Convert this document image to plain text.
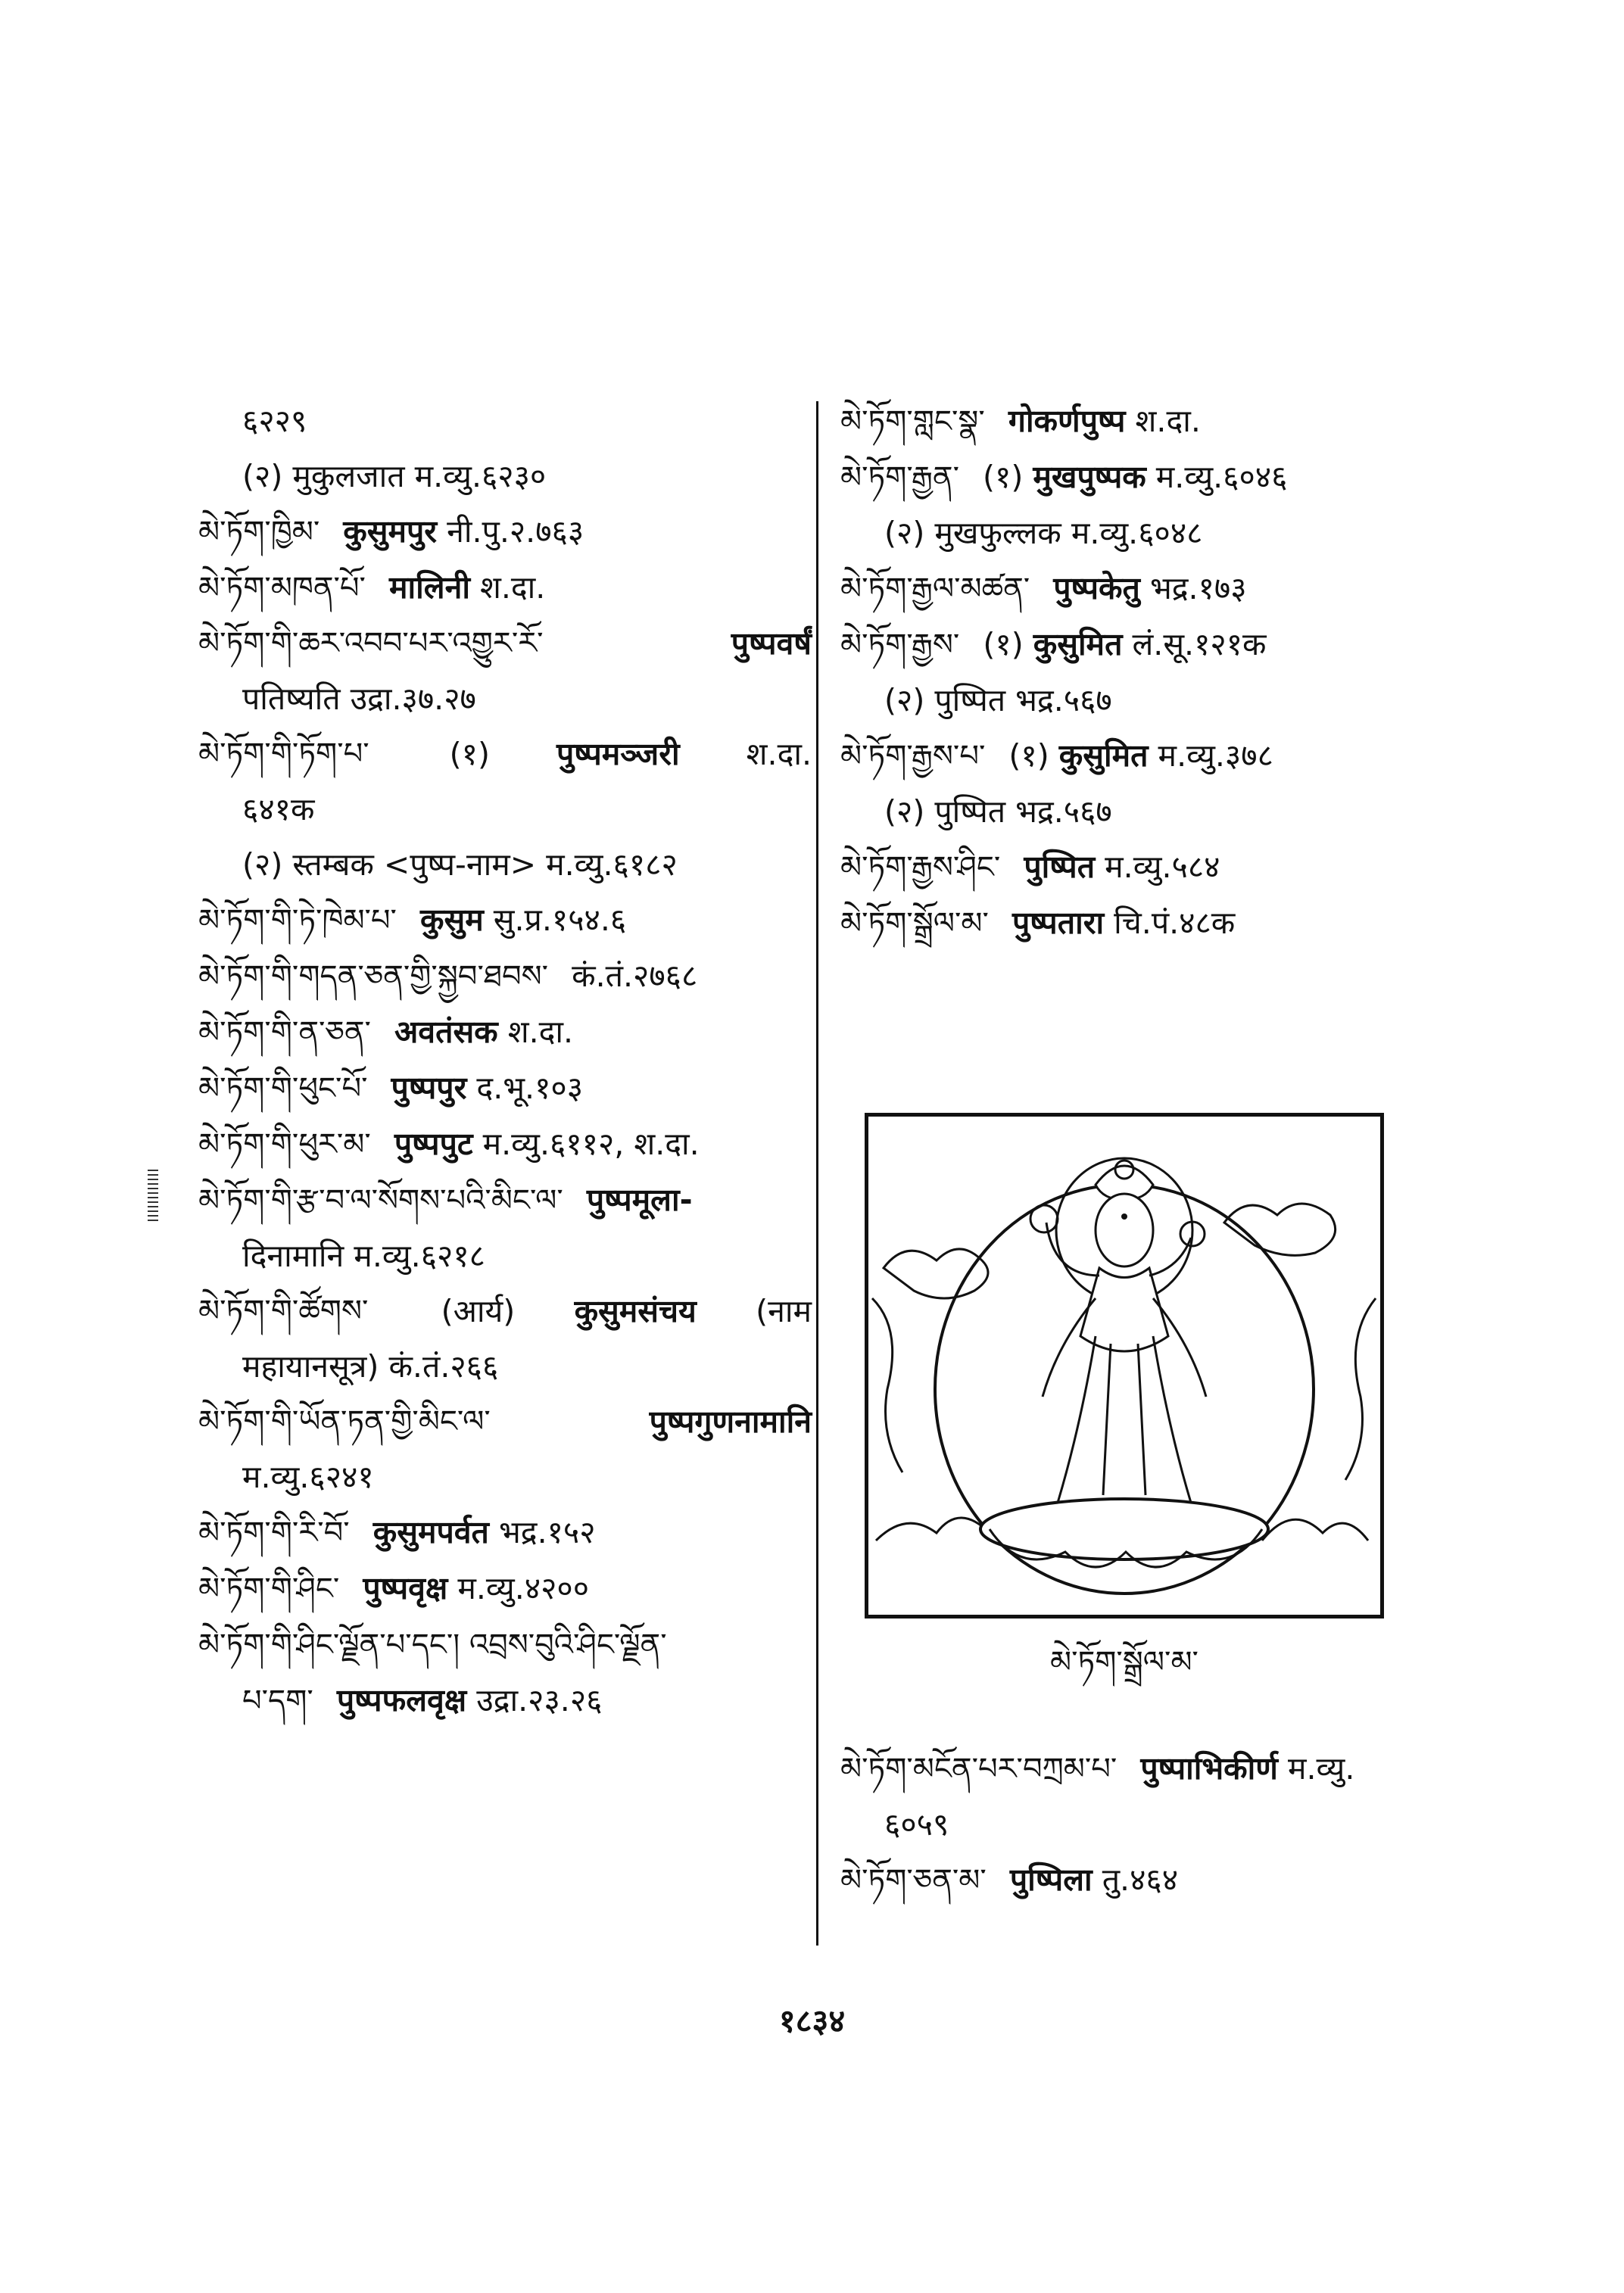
६२२९
(२) मुकुलजात म.व्यु.६२३०
མེ་ཏོག་ཁྱིམ་ कुसुमपुर नी.पु.२.७६३
མེ་ཏོག་མཁན་པོ་ मालिनी श.दा.
མེ་ཏོག་གི་ཆར་འབབ་པར་འགྱུར་རོ་	पुष्पवर्षं
पतिष्यति उद्रा.३७.२७
མེ་ཏོག་གི་ཏོག་པ་	(१) पुष्पमञ्जरी श.दा.
६४१क
(२) स्तम्बक <पुष्प-नाम> म.व्यु.६१८२
མེ་ཏོག་གི་ཏེ་ཁེམ་པ་ कुसुम सु.प्र.१५४.६
མེ་ཏོག་གི་གདན་ཅན་གྱི་སྐྱབ་ཐབས་ कं.तं.२७६८
མེ་ཏོག་གི་ན་ཅན་ अवतंसक श.दा.
མེ་ཏོག་གི་ཕུང་པོ་ पुष्पपुर द.भू.१०३
མེ་ཏོག་གི་ཕུར་མ་ पुष्पपुट म.व्यु.६११२, श.दा.
མེ་ཏོག་གི་རྩ་བ་ལ་སོགས་པའི་མིང་ལ་ पुष्पमूला-
दिनामानि म.व्यु.६२१८
མེ་ཏོག་གི་ཚོགས་ (आर्य) कुसुमसंचय (नाम
महायानसूत्र) कं.तं.२६६
མེ་ཏོག་གི་ཡོན་ཏན་གྱི་མིང་ལ་	पुष्पगुणनामानि
म.व्यु.६२४१
མེ་ཏོག་གི་རི་བོ་ कुसुमपर्वत भद्र.१५२
མེ་ཏོག་གི་ཤིང་ पुष्पवृक्ष म.व्यु.४२००
མེ་ཏོག་གི་ཤིང་ལྗོན་པ་དང་། འབྲས་བུའི་ཤིང་ལྗོན་
པ་དག་ पुष्पफलवृक्ष उद्रा.२३.२६
མེ་ཏོག་གླང་སྣ་ गोकर्णपुष्प श.दा.
མེ་ཏོག་རྒྱན་ (१) मुखपुष्पक म.व्यु.६०४६
(२) मुखफुल्लक म.व्यु.६०४८
མེ་ཏོག་རྒྱལ་མཚན་ पुष्पकेतु भद्र.१७३
མེ་ཏོག་རྒྱས་ (१) कुसुमित लं.सू.१२१क
(२) पुष्पित भद्र.५६७
མེ་ཏོག་རྒྱས་པ་ (१) कुसुमित म.व्यु.३७८
(२) पुष्पित भद्र.५६७
མེ་ཏོག་རྒྱས་ཤིང་ पुष्पित म.व्यु.५८४
མེ་ཏོག་སྒྲོལ་མ་ पुष्पतारा चि.पं.४८क
མེ་ཏོག་སྒྲོལ་མ་
མེ་ཏོག་མངོན་པར་བཀྲམ་པ་ पुष्पाभिकीर्ण म.व्यु.
६०५९
མེ་ཏོག་ཅན་མ་ पुष्पिला तु.४६४
१८३४
